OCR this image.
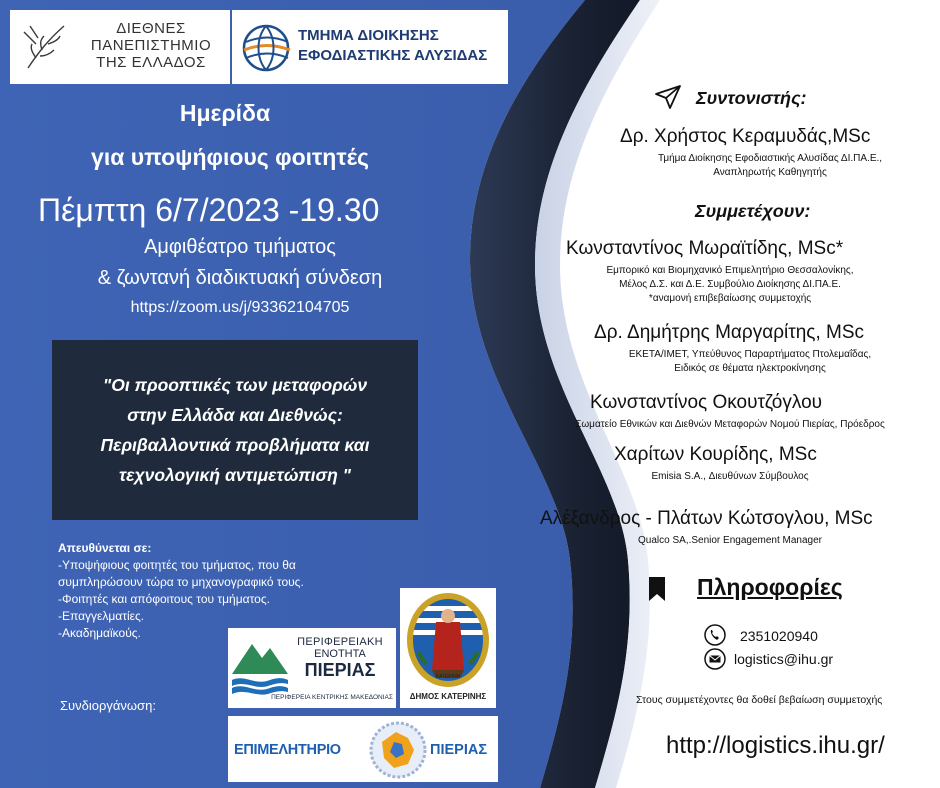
ΔΙΕΘΝΕΣ
ΠΑΝΕΠΙΣΤΗΜΙΟ
ΤΗΣ ΕΛΛΑΔΟΣ
ΤΜΗΜΑ ΔΙΟΙΚΗΣΗΣ
ΕΦΟΔΙΑΣΤΙΚΗΣ ΑΛΥΣΙΔΑΣ
Ημερίδα
για υποψήφιους φοιτητές
Πέμπτη 6/7/2023 -19.30
Αμφιθέατρο τμήματος
& ζωντανή διαδικτυακή σύνδεση
https://zoom.us/j/93362104705
"Οι προοπτικές των μεταφορών
στην Ελλάδα και Διεθνώς:
Περιβαλλοντικά προβλήματα και
τεχνολογική αντιμετώπιση "
Απευθύνεται σε:
-Υποψήφιους φοιτητές του τμήματος, που θα
συμπληρώσουν τώρα το μηχανογραφικό τους.
-Φοιτητές και απόφοιτους του τμήματος.
-Επαγγελματίες.
-Ακαδημαϊκούς.
Συνδιοργάνωση:
ΠΕΡΙΦΕΡΕΙΑΚΗ
ΕΝΟΤΗΤΑ
ΠΙΕΡΙΑΣ
ΠΕΡΙΦΕΡΕΙΑ ΚΕΝΤΡΙΚΗΣ ΜΑΚΕΔΟΝΙΑΣ
ΚΑΤΕΡΙΝΗ
ΔΗΜΟΣ ΚΑΤΕΡΙΝΗΣ
ΕΠΙΜΕΛΗΤΗΡΙΟ	ΠΙΕΡΙΑΣ
Συντονιστής:
Δρ. Χρήστος Κεραμυδάς,MSc
Τμήμα Διοίκησης Εφοδιαστικής Αλυσίδας ΔΙ.ΠΑ.Ε.,
Αναπληρωτής Καθηγητής
Συμμετέχουν:
Κωνσταντίνος Μωραϊτίδης, MSc*
Εμπορικό και Βιομηχανικό Επιμελητήριο Θεσσαλονίκης,
Μέλος Δ.Σ. και Δ.Ε. Συμβούλιο Διοίκησης ΔΙ.ΠΑ.Ε.
*αναμονή επιβεβαίωσης συμμετοχής
Δρ. Δημήτρης Μαργαρίτης, MSc
ΕΚΕΤΑ/ΙΜΕΤ, Υπεύθυνος Παραρτήματος Πτολεμαΐδας,
Ειδικός σε θέματα ηλεκτροκίνησης
Κωνσταντίνος Οκουτζόγλου
Σωματείο Εθνικών και Διεθνών Μεταφορών Νομού Πιερίας, Πρόεδρος
Χαρίτων Κουρίδης, MSc
Emisia S.A., Διευθύνων Σύμβουλος
Αλέξανδρος - Πλάτων Κώτσογλου, MSc
Qualco SA,.Senior Engagement Manager
Πληροφορίες
2351020940
logistics@ihu.gr
Στους συμμετέχοντες θα δοθεί βεβαίωση συμμετοχής
http://logistics.ihu.gr/
